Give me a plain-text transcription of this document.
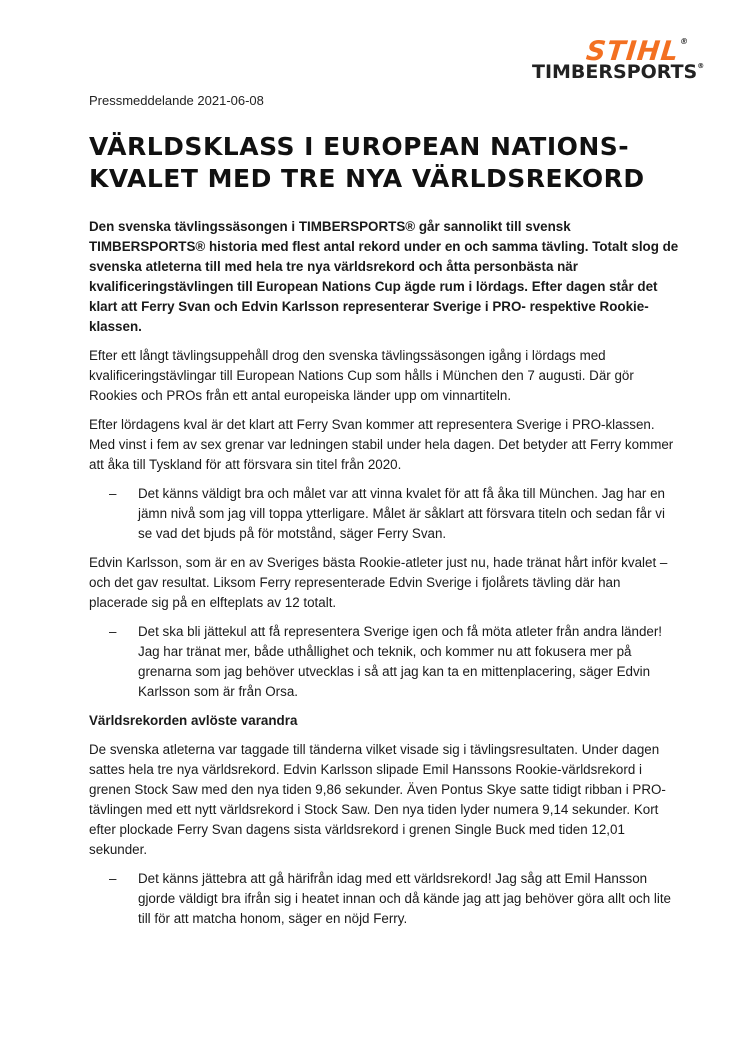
STIHL®
TIMBERSPORTS®
Pressmeddelande 2021-06-08
VÄRLDSKLASS I EUROPEAN NATIONS-
KVALET MED TRE NYA VÄRLDSREKORD

Den svenska tävlingssäsongen i TIMBERSPORTS® går sannolikt till svensk TIMBERSPORTS® historia med flest antal rekord under en och samma tävling. Totalt slog de svenska atleterna till med hela tre nya världsrekord och åtta personbästa när kvalificeringstävlingen till European Nations Cup ägde rum i lördags. Efter dagen står det klart att Ferry Svan och Edvin Karlsson representerar Sverige i PRO- respektive Rookie-klassen.

Efter ett långt tävlingsuppehåll drog den svenska tävlingssäsongen igång i lördags med kvalificeringstävlingar till European Nations Cup som hålls i München den 7 augusti. Där gör Rookies och PROs från ett antal europeiska länder upp om vinnartiteln.

Efter lördagens kval är det klart att Ferry Svan kommer att representera Sverige i PRO-klassen. Med vinst i fem av sex grenar var ledningen stabil under hela dagen. Det betyder att Ferry kommer att åka till Tyskland för att försvara sin titel från 2020.

– Det känns väldigt bra och målet var att vinna kvalet för att få åka till München. Jag har en jämn nivå som jag vill toppa ytterligare. Målet är såklart att försvara titeln och sedan får vi se vad det bjuds på för motstånd, säger Ferry Svan.

Edvin Karlsson, som är en av Sveriges bästa Rookie-atleter just nu, hade tränat hårt inför kvalet – och det gav resultat. Liksom Ferry representerade Edvin Sverige i fjolårets tävling där han placerade sig på en elfteplats av 12 totalt.

– Det ska bli jättekul att få representera Sverige igen och få möta atleter från andra länder! Jag har tränat mer, både uthållighet och teknik, och kommer nu att fokusera mer på grenarna som jag behöver utvecklas i så att jag kan ta en mittenplacering, säger Edvin Karlsson som är från Orsa.

Världsrekorden avlöste varandra

De svenska atleterna var taggade till tänderna vilket visade sig i tävlingsresultaten. Under dagen sattes hela tre nya världsrekord. Edvin Karlsson slipade Emil Hanssons Rookie-världsrekord i grenen Stock Saw med den nya tiden 9,86 sekunder. Även Pontus Skye satte tidigt ribban i PRO-tävlingen med ett nytt världsrekord i Stock Saw. Den nya tiden lyder numera 9,14 sekunder. Kort efter plockade Ferry Svan dagens sista världsrekord i grenen Single Buck med tiden 12,01 sekunder.

– Det känns jättebra att gå härifrån idag med ett världsrekord! Jag såg att Emil Hansson gjorde väldigt bra ifrån sig i heatet innan och då kände jag att jag behöver göra allt och lite till för att matcha honom, säger en nöjd Ferry.
